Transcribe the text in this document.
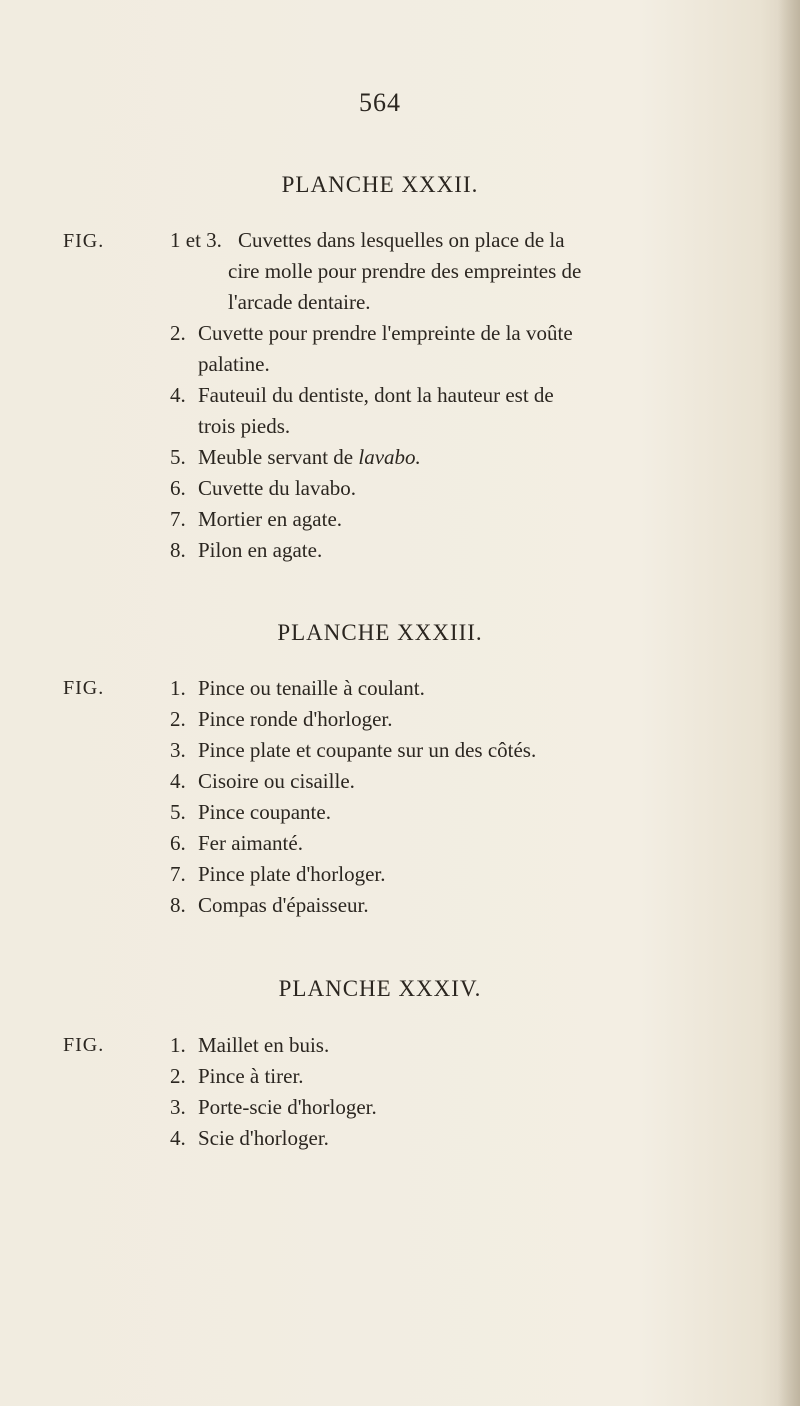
564
PLANCHE XXXII.
FIG.	1 et 3. Cuvettes dans lesquelles on place de la
cire molle pour prendre des empreintes de
l'arcade dentaire.
2. Cuvette pour prendre l'empreinte de la voûte
palatine.
4. Fauteuil du dentiste, dont la hauteur est de
trois pieds.
5. Meuble servant de lavabo.
6. Cuvette du lavabo.
7. Mortier en agate.
8. Pilon en agate.
PLANCHE XXXIII.
FIG.	1. Pince ou tenaille à coulant.
2. Pince ronde d'horloger.
3. Pince plate et coupante sur un des côtés.
4. Cisoire ou cisaille.
5. Pince coupante.
6. Fer aimanté.
7. Pince plate d'horloger.
8. Compas d'épaisseur.
PLANCHE XXXIV.
FIG.	1. Maillet en buis.
2. Pince à tirer.
3. Porte-scie d'horloger.
4. Scie d'horloger.
